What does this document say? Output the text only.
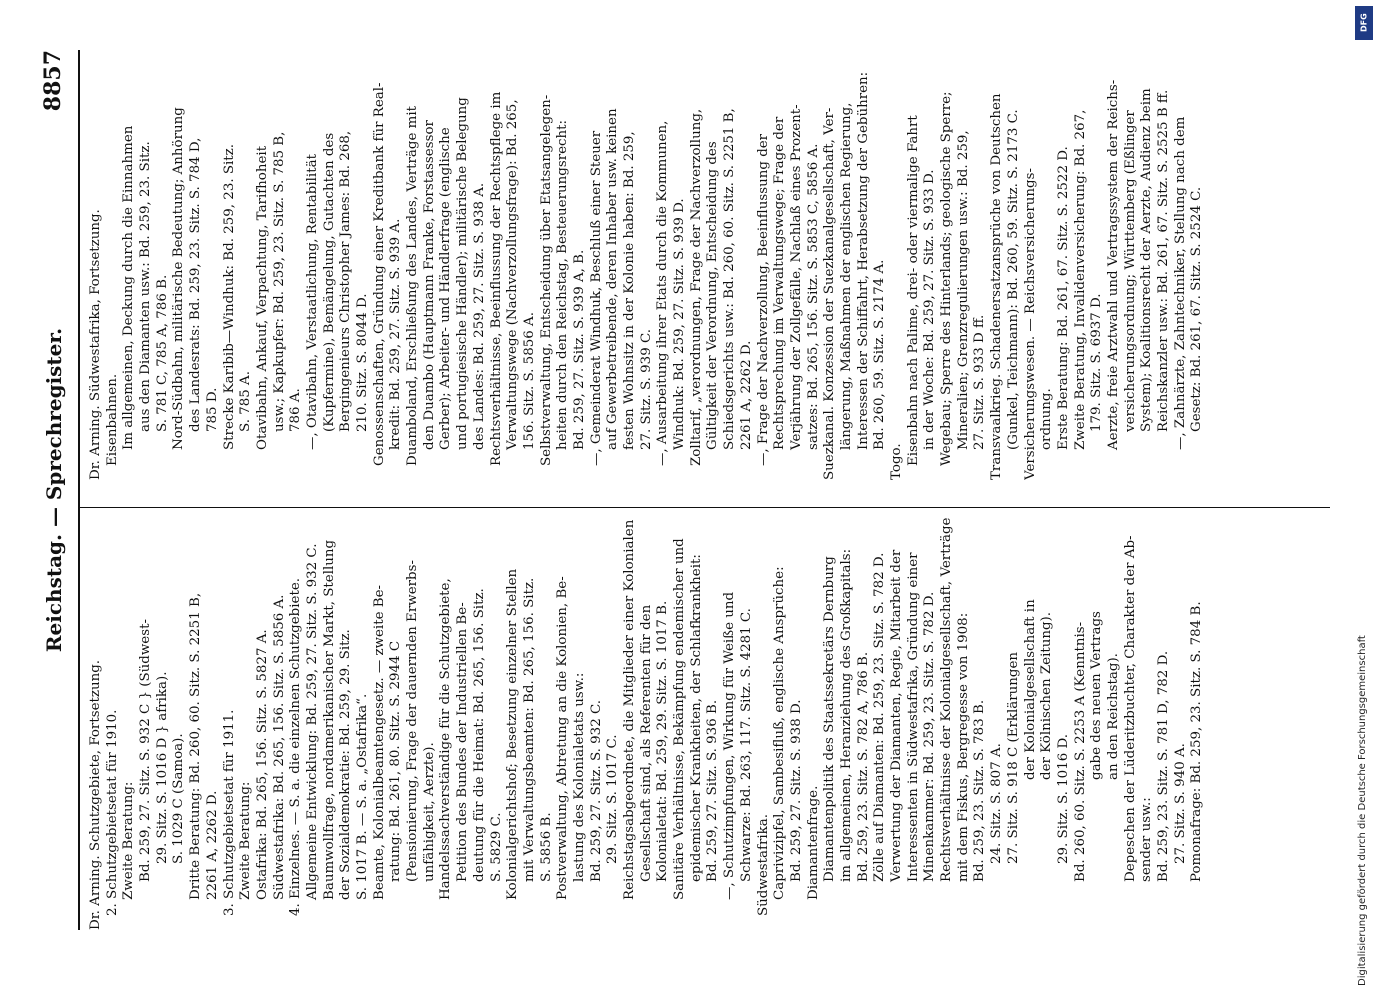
Reichstag. — Sprechregister.
8857
Dr. Arning. Schutzgebiete, Fortsetzung. 2. Schutzgebietsetat für 1910. Zweite Beratung: Bd. 259, 27. Sitz. S. 932 C } (Südwest- 29. Sitz. S. 1016 D } afrika). S. 1029 C (Samoa). Dritte Beratung: Bd. 260, 60. Sitz. S. 2251 B, 2261 A, 2262 D. 3. Schutzgebietsetat für 1911. Zweite Beratung: Ostafrika: Bd. 265, 156. Sitz. S. 5827 A. Südwestafrika: Bd. 265, 156. Sitz. S. 5856 A. 4. Einzelnes. — S. a. die einzelnen Schutzgebiete. Allgemeine Entwicklung: Bd. 259, 27. Sitz. S. 932 C. Baumwollfrage, nordamerikanischer Markt, Stellung der Sozialdemokratie: Bd. 259, 29. Sitz. S. 1017 B. — S. a. „Ostafrika“. Beamte, Kolonialbeamtengesetz. — zweite Be- ratung: Bd. 261, 80. Sitz. S. 2944 C (Pensionierung, Frage der dauernden Erwerbs- unfähigkeit, Aerzte). Handelssachverständige für die Schutzgebiete, Petition des Bundes der Industriellen Be- deutung für die Heimat: Bd. 265, 156. Sitz. S. 5829 C. Kolonialgerichtshof; Besetzung einzelner Stellen mit Verwaltungsbeamten: Bd. 265, 156. Sitz. S. 5856 B. Postverwaltung, Abtretung an die Kolonien, Be- lastung des Kolonialetats usw.: Bd. 259, 27. Sitz. S. 932 C. 29. Sitz. S. 1017 C. Reichstagsabgeordnete, die Mitglieder einer Kolonialen Gesellschaft sind, als Referenten für den Kolonialetat: Bd. 259, 29. Sitz. S. 1017 B. Sanitäre Verhältnisse, Bekämpfung endemischer und epidemischer Krankheiten, der Schlafkrankheit: Bd. 259, 27. Sitz. S. 936 B. —, Schutzimpfungen, Wirkung für Weiße und Schwarze: Bd. 263, 117. Sitz. S. 4281 C. Südwestafrika. Caprivizipfel, Sambesifluß, englische Ansprüche: Bd. 259, 27. Sitz. S. 938 D. Diamantenfrage. Diamantenpolitik des Staatssekretärs Dernburg im allgemeinen, Heranziehung des Großkapitals: Bd. 259, 23. Sitz. S. 782 A, 786 B. Zölle auf Diamanten: Bd. 259, 23. Sitz. S. 782 D. Verwertung der Diamanten, Regie, Mitarbeit der Interessenten in Südwestafrika, Gründung einer Minenkammer: Bd. 259, 23. Sitz. S. 782 D. Rechtsverhältnisse der Kolonialgesellschaft, Verträge mit dem Fiskus, Bergregesse von 1908: Bd. 259, 23. Sitz. S. 783 B. 24. Sitz. S. 807 A. 27. Sitz. S. 918 C (Erklärungen der Kolonialgesellschaft in der Kölnischen Zeitung).
29. Sitz. S. 1016 D. Bd. 260, 60. Sitz. S. 2253 A (Kenntnis- gabe des neuen Vertrags an den Reichstag). Depeschen der Lüderitzbuchter, Charakter der Ab- sender usw.: Bd. 259, 23. Sitz. S. 781 D, 782 D. 27. Sitz. S. 940 A. Pomonafrage: Bd. 259, 23. Sitz. S. 784 B.
Dr. Arning. Südwestafrika, Fortsetzung. Eisenbahnen. Im allgemeinen, Deckung durch die Einnahmen aus den Diamanten usw.: Bd. 259, 23. Sitz. S. 781 C, 785 A, 786 B. Nord-Südbahn, militärische Bedeutung; Anhörung des Landesrats: Bd. 259, 23. Sitz. S. 784 D, 785 D. Strecke Karibib—Windhuk: Bd. 259, 23. Sitz. S. 785 A. Otavibahn, Ankauf, Verpachtung, Tarifhoheit usw.; Kapkupfer: Bd. 259, 23. Sitz. S. 785 B, 786 A. —, Otavibahn, Verstaatlichung, Rentabilität (Kupfermine), Bemängelung, Gutachten des Bergingenieurs Christopher James: Bd. 268, 210. Sitz. S. 8044 D. Genossenschaften, Gründung einer Kreditbank für Real- kredit: Bd. 259, 27. Sitz. S. 939 A. Duamboland, Erschließung des Landes, Verträge mit den Duambo (Hauptmann Franke, Forstassessor Gerber); Arbeiter- und Händlerfrage (englische und portugiesische Händler); militärische Belegung des Landes: Bd. 259, 27. Sitz. S. 938 A. Rechtsverhältnisse, Beeinflussung der Rechtspflege im Verwaltungswege (Nachverzollungsfrage): Bd. 265, 156. Sitz. S. 5856 A. Selbstverwaltung, Entscheidung über Etatsangelegen- heiten durch den Reichstag, Besteuerungsrecht: Bd. 259, 27. Sitz. S. 939 A, B. —, Gemeinderat Windhuk, Beschluß einer Steuer auf Gewerbetreibende, deren Inhaber usw. keinen festen Wohnsitz in der Kolonie haben: Bd. 259, 27. Sitz. S. 939 C. —, Ausarbeitung ihrer Etats durch die Kommunen, Windhuk: Bd. 259, 27. Sitz. S. 939 D. Zolltarif, „verordnungen, Frage der Nachverzollung, Gültigkeit der Verordnung, Entscheidung des Schiedsgerichts usw.: Bd. 260, 60. Sitz. S. 2251 B, 2261 A, 2262 D. —, Frage der Nachverzollung, Beeinflussung der Rechtsprechung im Verwaltungswege; Frage der Verjährung der Zollgefälle, Nachlaß eines Prozent- satzes: Bd. 265, 156. Sitz. S. 5853 C, 5856 A. Suezkanal. Konzession der Suezkanalgesellschaft, Ver- längerung, Maßnahmen der englischen Regierung, Interessen der Schiffahrt, Herabsetzung der Gebühren: Bd. 260, 59. Sitz. S. 2174 A.
Togo. Eisenbahn nach Palime, drei- oder viermalige Fahrt in der Woche: Bd. 259, 27. Sitz. S. 933 D. Wegebau; Sperre des Hinterlands; geologische Sperre; Mineralien; Grenzregulierungen usw.: Bd. 259, 27. Sitz. S. 933 D ff. Transvaalkrieg. Schadenersatzansprüche von Deutschen (Gunkel, Teichmann): Bd. 260, 59. Sitz. S. 2173 C. Versicherungswesen. — Reichsversicherungs- ordnung. Erste Beratung: Bd. 261, 67. Sitz. S. 2522 D. Zweite Beratung, Invalidenversicherung: Bd. 267, 179. Sitz. S. 6937 D. Aerzte, freie Arztwahl und Vertragssystem der Reichs- versicherungsordnung; Württemberg (Eßlinger System); Koalitionsrecht der Aerzte, Audienz beim Reichskanzler usw.: Bd. 261, 67. Sitz. S. 2525 B ff. —, Zahnärzte, Zahntechniker, Stellung nach dem Gesetz: Bd. 261, 67. Sitz. S. 2524 C.
DFG
Digitalisierung gefördert durch die Deutsche Forschungsgemeinschaft
